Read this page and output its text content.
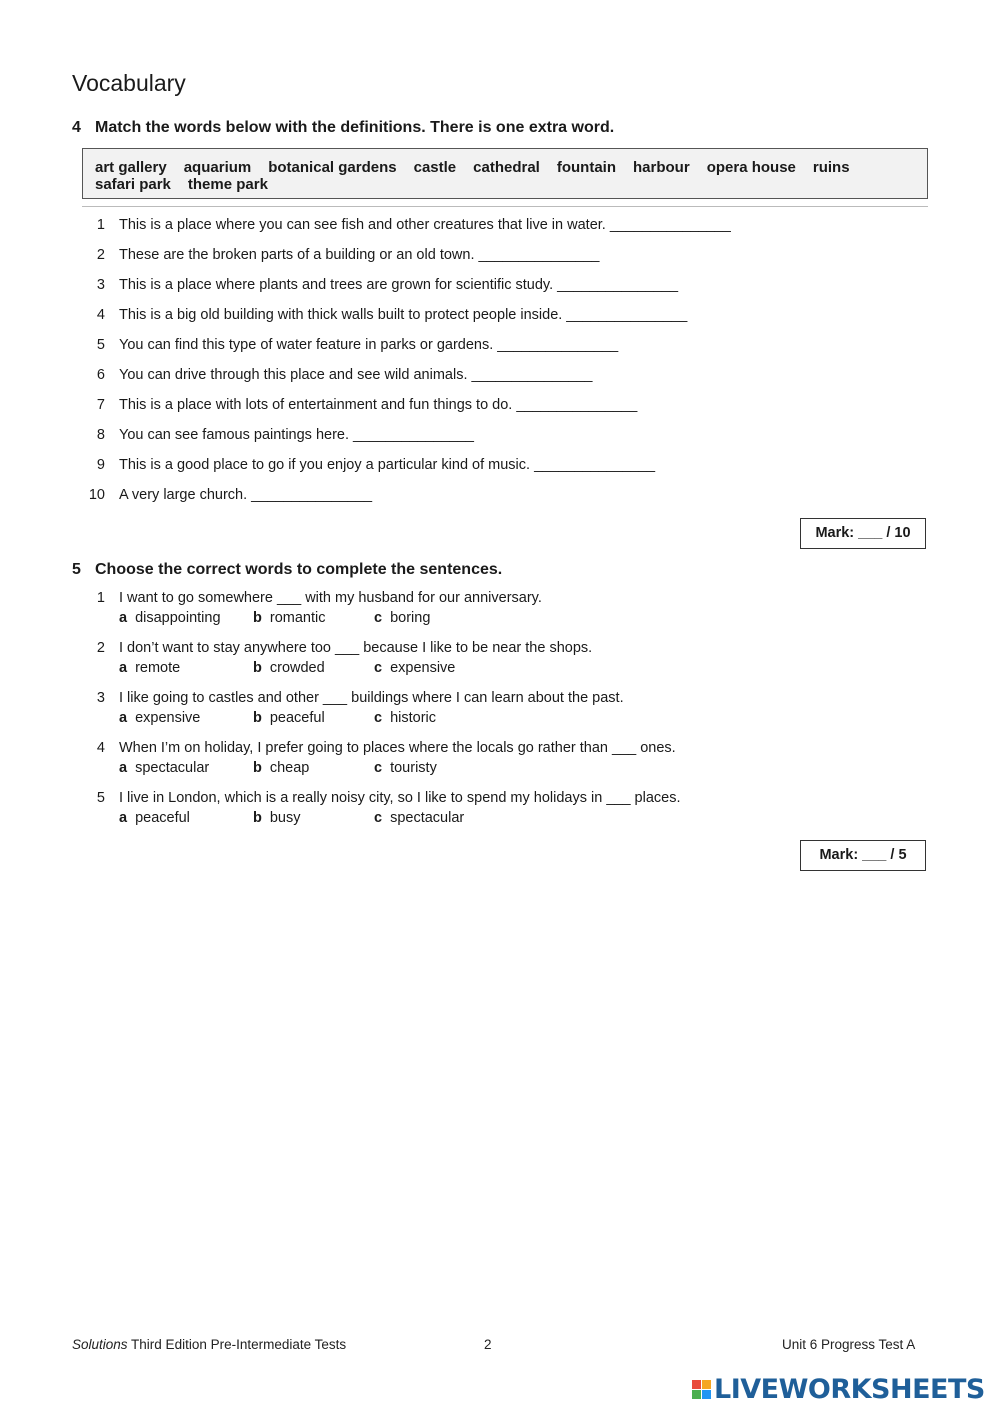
Vocabulary
4 Match the words below with the definitions. There is one extra word.
art gallery aquarium botanical gardens castle cathedral fountain harbour opera house ruinssafari park theme park
1 This is a place where you can see fish and other creatures that live in water. _______________
2 These are the broken parts of a building or an old town. _______________
3 This is a place where plants and trees are grown for scientific study. _______________
4 This is a big old building with thick walls built to protect people inside. _______________
5 You can find this type of water feature in parks or gardens. _______________
6 You can drive through this place and see wild animals. _______________
7 This is a place with lots of entertainment and fun things to do. _______________
8 You can see famous paintings here. _______________
9 This is a good place to go if you enjoy a particular kind of music. _______________
10 A very large church. _______________
Mark: ___ / 10
5 Choose the correct words to complete the sentences.
1 I want to go somewhere ___ with my husband for our anniversary.
a disappointing	b romantic	c boring
2 I don’t want to stay anywhere too ___ because I like to be near the shops.
a remote	b crowded	c expensive
3 I like going to castles and other ___ buildings where I can learn about the past.
a expensive	b peaceful	c historic
4 When I’m on holiday, I prefer going to places where the locals go rather than ___ ones.
a spectacular	b cheap	c touristy
5 I live in London, which is a really noisy city, so I like to spend my holidays in ___ places.
a peaceful	b busy	c spectacular
Mark: ___ / 5
Solutions Third Edition Pre-Intermediate Tests	2	Unit 6 Progress Test A
LIVEWORKSHEETS
